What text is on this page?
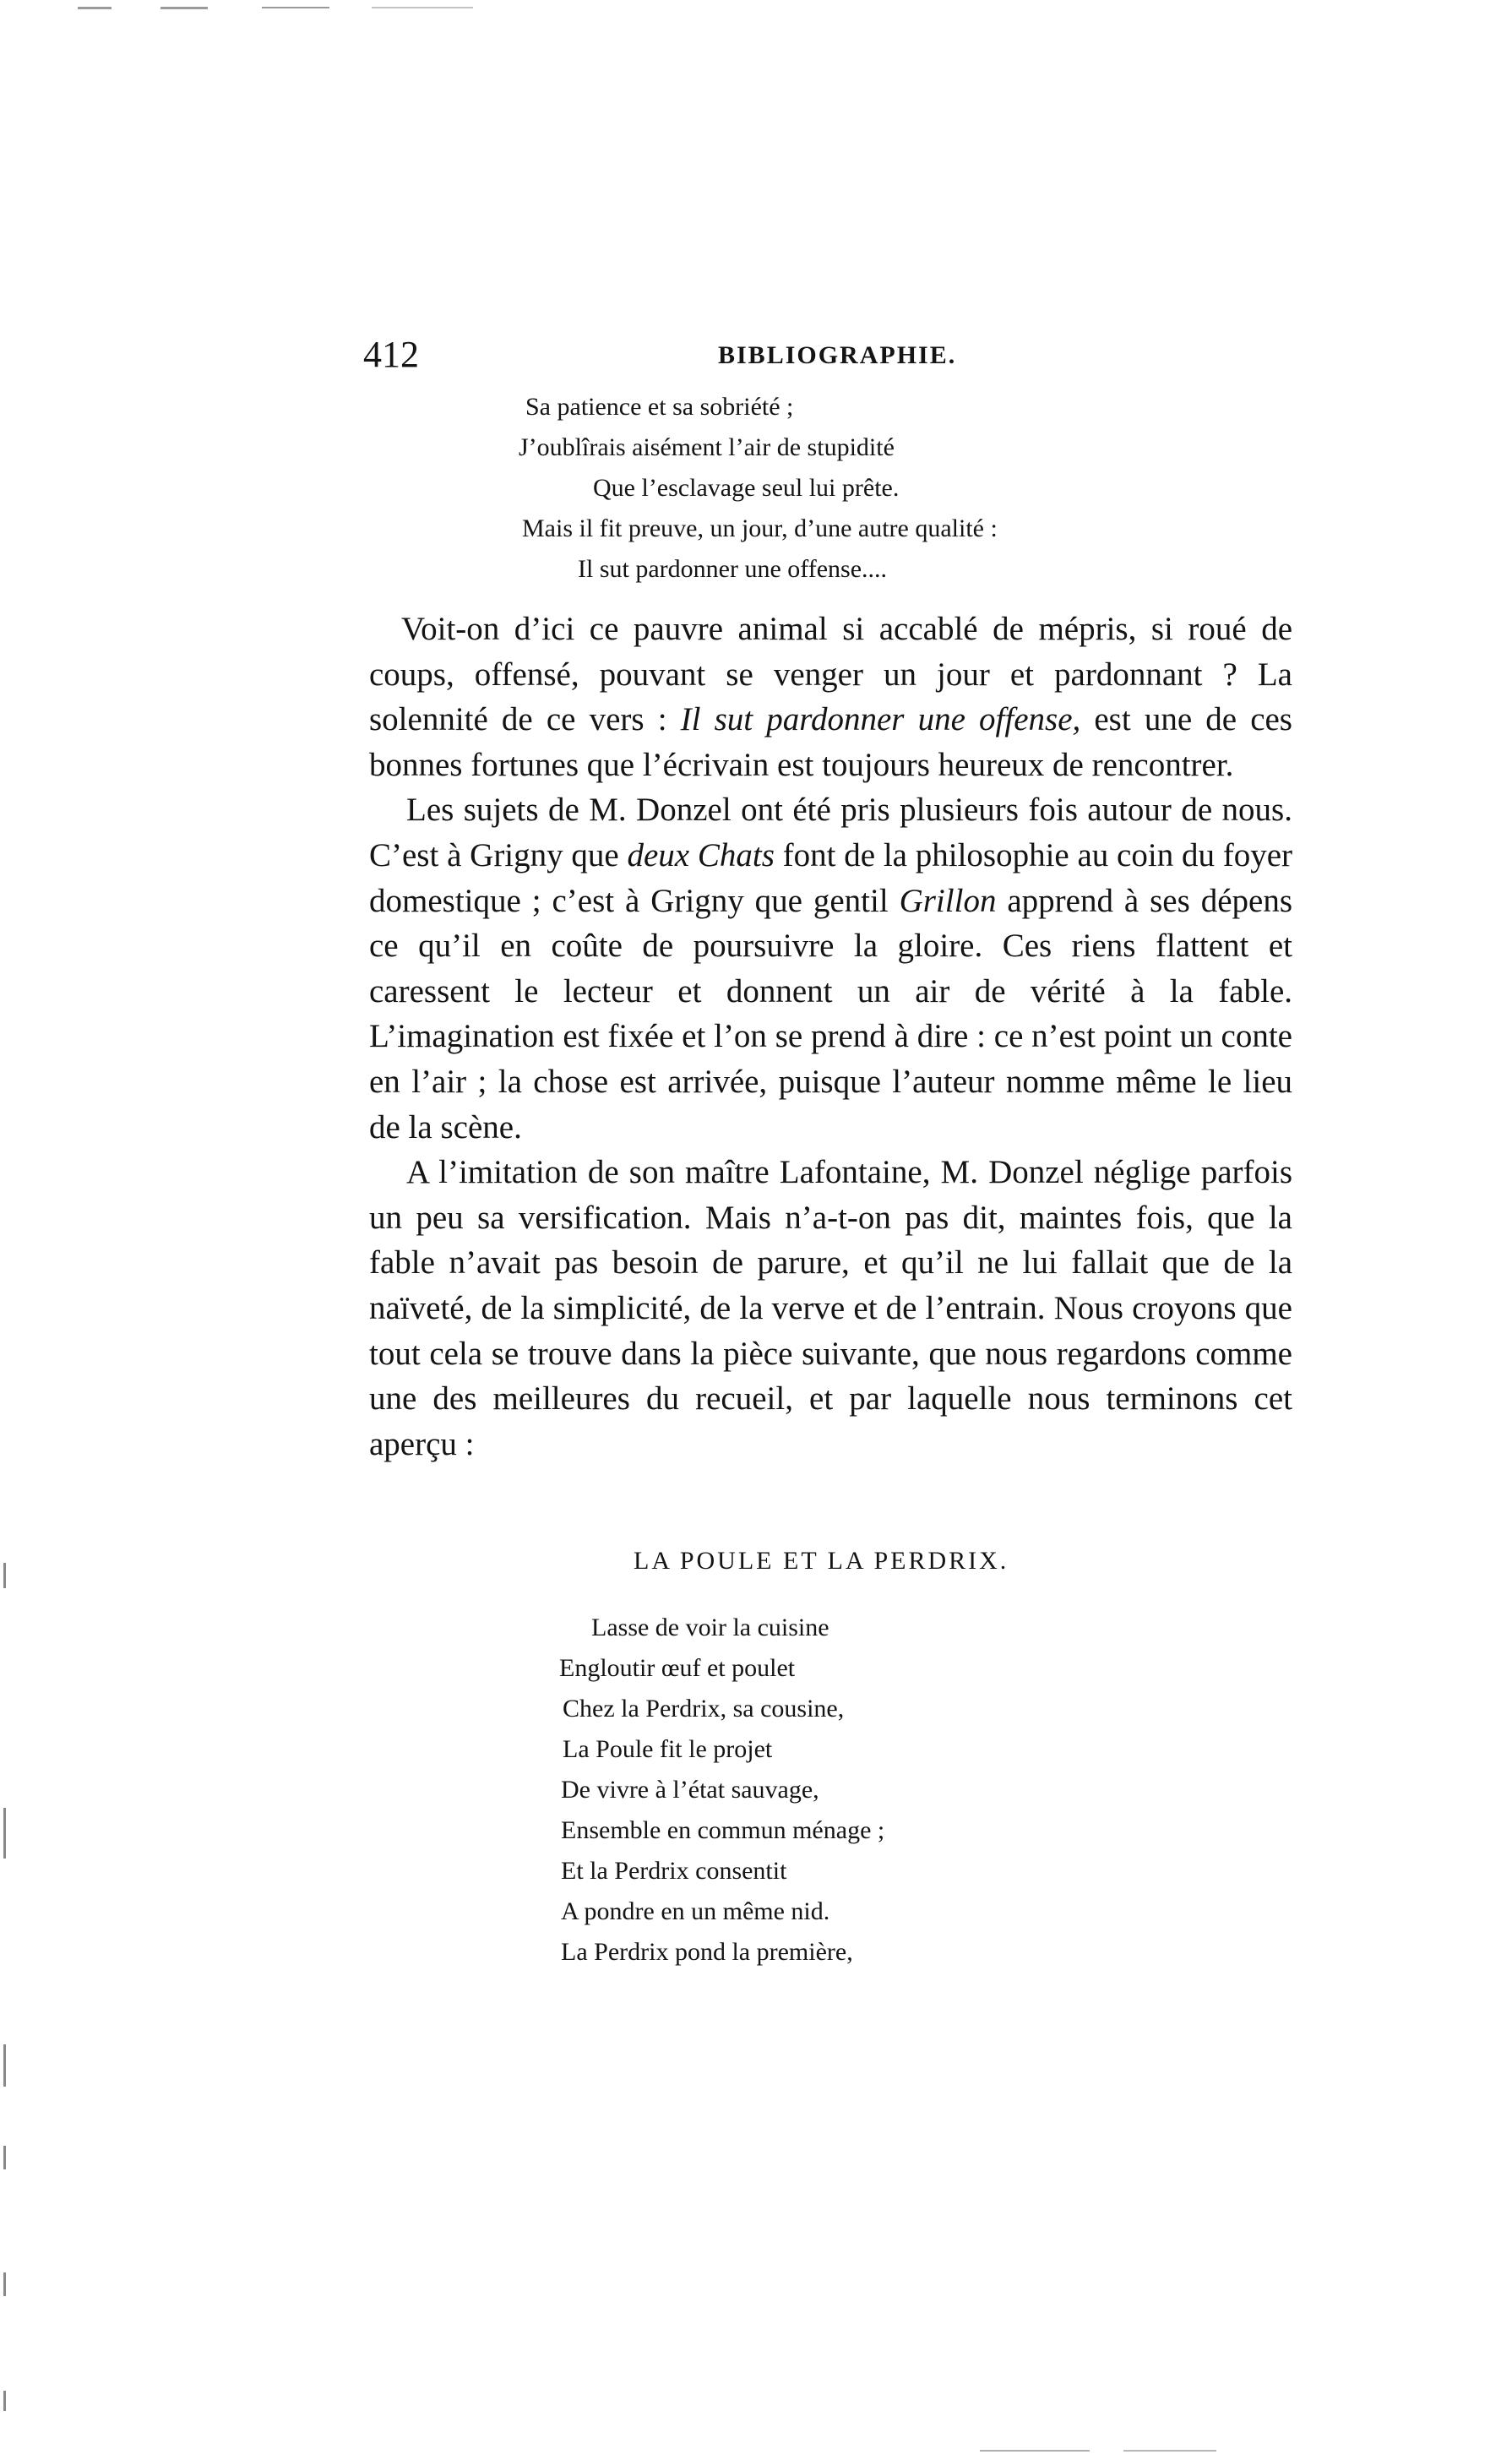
412	BIBLIOGRAPHIE.
Sa patience et sa sobriété ;
J’oublîrais aisément l’air de stupidité
Que l’esclavage seul lui prête.
Mais il fit preuve, un jour, d’une autre qualité :
Il sut pardonner une offense....

Voit-on d’ici ce pauvre animal si accablé de mépris, si roué de coups, offensé, pouvant se venger un jour et pardonnant ? La solennité de ce vers : Il sut pardonner une offense, est une de ces bonnes fortunes que l’écrivain est toujours heureux de rencontrer.

Les sujets de M. Donzel ont été pris plusieurs fois autour de nous. C’est à Grigny que deux Chats font de la philosophie au coin du foyer domestique ; c’est à Grigny que gentil Grillon apprend à ses dépens ce qu’il en coûte de poursuivre la gloire. Ces riens flattent et caressent le lecteur et donnent un air de vérité à la fable. L’imagination est fixée et l’on se prend à dire : ce n’est point un conte en l’air ; la chose est arrivée, puisque l’auteur nomme même le lieu de la scène.

A l’imitation de son maître Lafontaine, M. Donzel néglige parfois un peu sa versification. Mais n’a-t-on pas dit, maintes fois, que la fable n’avait pas besoin de parure, et qu’il ne lui fallait que de la naïveté, de la simplicité, de la verve et de l’entrain. Nous croyons que tout cela se trouve dans la pièce suivante, que nous regardons comme une des meilleures du recueil, et par laquelle nous terminons cet aperçu :

LA POULE ET LA PERDRIX.
Lasse de voir la cuisine
Engloutir œuf et poulet
Chez la Perdrix, sa cousine,
La Poule fit le projet
De vivre à l’état sauvage,
Ensemble en commun ménage ;
Et la Perdrix consentit
A pondre en un même nid.
La Perdrix pond la première,
